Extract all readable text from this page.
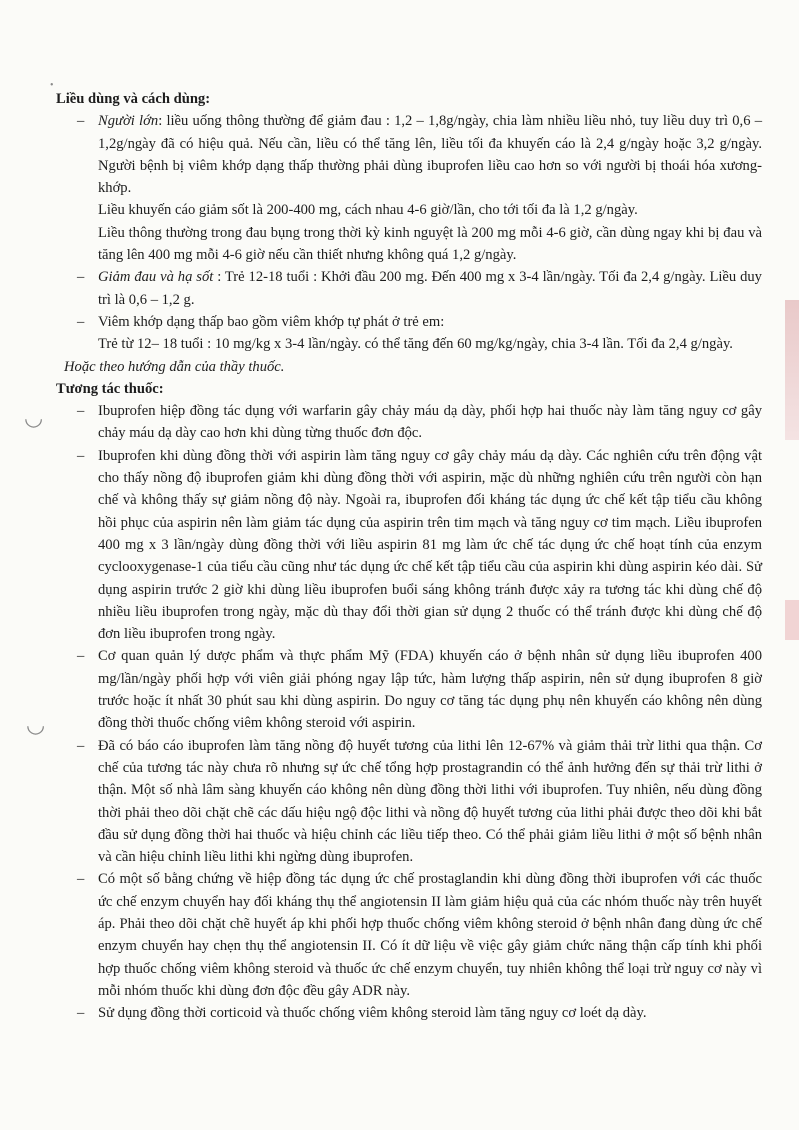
•
◡
◡

Liều dùng và cách dùng:

– Người lớn: liều uống thông thường để giảm đau : 1,2 – 1,8g/ngày, chia làm nhiều liều nhỏ, tuy liều duy trì 0,6 – 1,2g/ngày đã có hiệu quả. Nếu cần, liều có thể tăng lên, liều tối đa khuyến cáo là 2,4 g/ngày hoặc 3,2 g/ngày. Người bệnh bị viêm khớp dạng thấp thường phải dùng ibuprofen liều cao hơn so với người bị thoái hóa xương-khớp.

Liều khuyến cáo giảm sốt là 200-400 mg, cách nhau 4-6 giờ/lần, cho tới tối đa là 1,2 g/ngày.

Liều thông thường trong đau bụng trong thời kỳ kinh nguyệt là 200 mg mỗi 4-6 giờ, cần dùng ngay khi bị đau và tăng lên 400 mg mỗi 4-6 giờ nếu cần thiết nhưng không quá 1,2 g/ngày.

– Giảm đau và hạ sốt : Trẻ 12-18 tuổi : Khởi đầu 200 mg. Đến 400 mg x 3-4 lần/ngày. Tối đa 2,4 g/ngày. Liều duy trì là 0,6 – 1,2 g.
– Viêm khớp dạng thấp bao gồm viêm khớp tự phát ở trẻ em:

Trẻ từ 12– 18 tuổi : 10 mg/kg x 3-4 lần/ngày. có thể tăng đến 60 mg/kg/ngày, chia 3-4 lần. Tối đa 2,4 g/ngày.

Hoặc theo hướng dẫn của thầy thuốc.

Tương tác thuốc:

– Ibuprofen hiệp đồng tác dụng với warfarin gây chảy máu dạ dày, phối hợp hai thuốc này làm tăng nguy cơ gây chảy máu dạ dày cao hơn khi dùng từng thuốc đơn độc.
– Ibuprofen khi dùng đồng thời với aspirin làm tăng nguy cơ gây chảy máu dạ dày. Các nghiên cứu trên động vật cho thấy nồng độ ibuprofen giảm khi dùng đồng thời với aspirin, mặc dù những nghiên cứu trên người còn hạn chế và không thấy sự giảm nồng độ này. Ngoài ra, ibuprofen đối kháng tác dụng ức chế kết tập tiểu cầu không hồi phục của aspirin nên làm giảm tác dụng của aspirin trên tim mạch và tăng nguy cơ tim mạch. Liều ibuprofen 400 mg x 3 lần/ngày dùng đồng thời với liều aspirin 81 mg làm ức chế tác dụng ức chế hoạt tính của enzym cyclooxygenase-1 của tiểu cầu cũng như tác dụng ức chế kết tập tiểu cầu của aspirin khi dùng aspirin kéo dài. Sử dụng aspirin trước 2 giờ khi dùng liều ibuprofen buổi sáng không tránh được xảy ra tương tác khi dùng chế độ nhiều liều ibuprofen trong ngày, mặc dù thay đổi thời gian sử dụng 2 thuốc có thể tránh được khi dùng chế độ đơn liều ibuprofen trong ngày.
– Cơ quan quản lý dược phẩm và thực phẩm Mỹ (FDA) khuyến cáo ở bệnh nhân sử dụng liều ibuprofen 400 mg/lần/ngày phối hợp với viên giải phóng ngay lập tức, hàm lượng thấp aspirin, nên sử dụng ibuprofen 8 giờ trước hoặc ít nhất 30 phút sau khi dùng aspirin. Do nguy cơ tăng tác dụng phụ nên khuyến cáo không nên dùng đồng thời thuốc chống viêm không steroid với aspirin.
– Đã có báo cáo ibuprofen làm tăng nồng độ huyết tương của lithi lên 12-67% và giảm thải trừ lithi qua thận. Cơ chế của tương tác này chưa rõ nhưng sự ức chế tổng hợp prostagrandin có thể ảnh hưởng đến sự thải trừ lithi ở thận. Một số nhà lâm sàng khuyến cáo không nên dùng đồng thời lithi với ibuprofen. Tuy nhiên, nếu dùng đồng thời phải theo dõi chặt chẽ các dấu hiệu ngộ độc lithi và nồng độ huyết tương của lithi phải được theo dõi khi bắt đầu sử dụng đồng thời hai thuốc và hiệu chỉnh các liều tiếp theo. Có thể phải giảm liều lithi ở một số bệnh nhân và cần hiệu chỉnh liều lithi khi ngừng dùng ibuprofen.
– Có một số bằng chứng về hiệp đồng tác dụng ức chế prostaglandin khi dùng đồng thời ibuprofen với các thuốc ức chế enzym chuyển hay đối kháng thụ thể angiotensin II làm giảm hiệu quả của các nhóm thuốc này trên huyết áp. Phải theo dõi chặt chẽ huyết áp khi phối hợp thuốc chống viêm không steroid ở bệnh nhân đang dùng ức chế enzym chuyển hay chẹn thụ thể angiotensin II. Có ít dữ liệu về việc gây giảm chức năng thận cấp tính khi phối hợp thuốc chống viêm không steroid và thuốc ức chế enzym chuyển, tuy nhiên không thể loại trừ nguy cơ này vì mỗi nhóm thuốc khi dùng đơn độc đều gây ADR này.
– Sử dụng đồng thời corticoid và thuốc chống viêm không steroid làm tăng nguy cơ loét dạ dày.
